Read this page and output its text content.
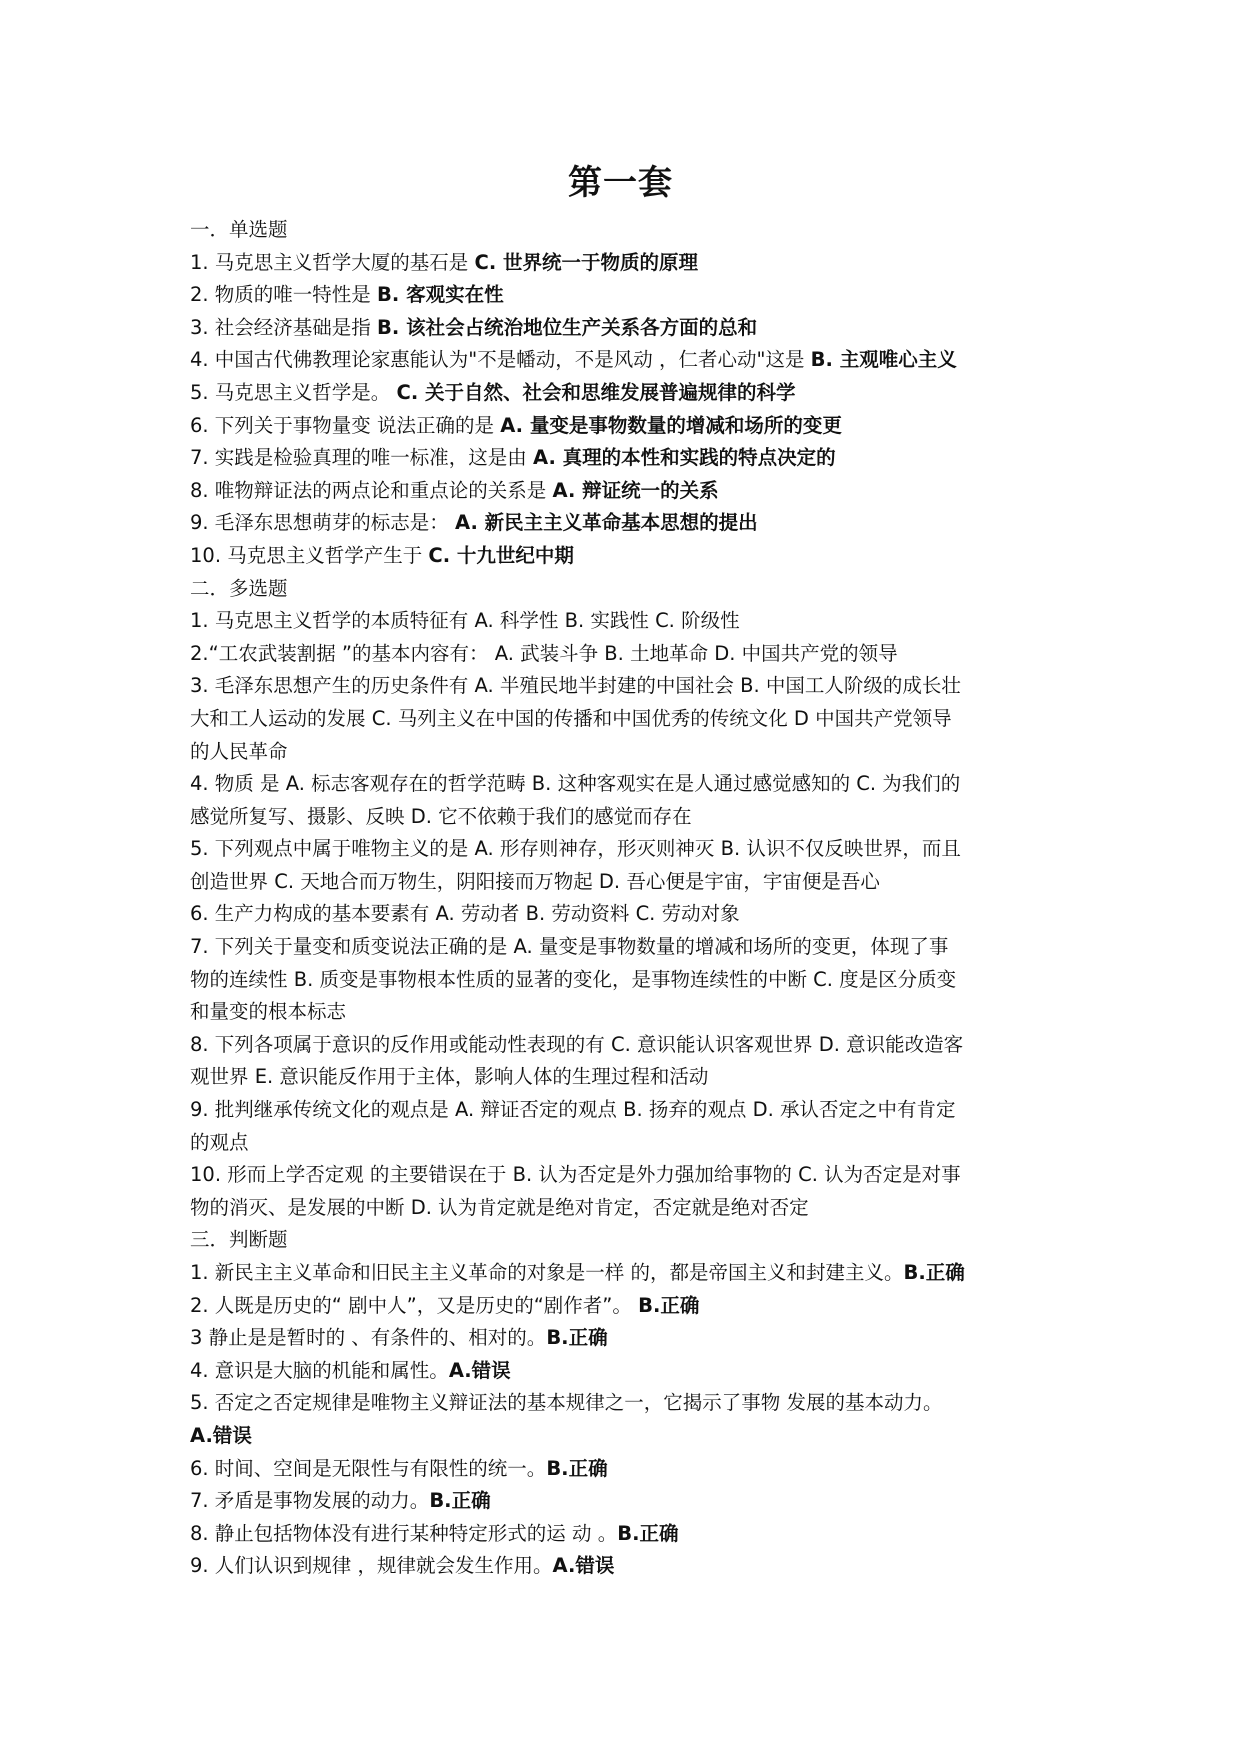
第一套
一．单选题
1. 马克思主义哲学大厦的基石是 C. 世界统一于物质的原理
2. 物质的唯一特性是 B. 客观实在性
3. 社会经济基础是指 B. 该社会占统治地位生产关系各方面的总和
4. 中国古代佛教理论家惠能认为"不是幡动，不是风动 ，仁者心动"这是 B. 主观唯心主义
5. 马克思主义哲学是。 C. 关于自然、社会和思维发展普遍规律的科学
6. 下列关于事物量变 说法正确的是 A. 量变是事物数量的增减和场所的变更
7. 实践是检验真理的唯一标准，这是由 A. 真理的本性和实践的特点决定的
8. 唯物辩证法的两点论和重点论的关系是 A. 辩证统一的关系
9. 毛泽东思想萌芽的标志是： A. 新民主主义革命基本思想的提出
10. 马克思主义哲学产生于 C. 十九世纪中期
二．多选题
1. 马克思主义哲学的本质特征有 A. 科学性 B. 实践性 C. 阶级性
2.“工农武装割据 ”的基本内容有： A. 武装斗争 B. 土地革命 D. 中国共产党的领导
3. 毛泽东思想产生的历史条件有 A. 半殖民地半封建的中国社会 B. 中国工人阶级的成长壮
大和工人运动的发展 C. 马列主义在中国的传播和中国优秀的传统文化 D 中国共产党领导
的人民革命
4. 物质 是 A. 标志客观存在的哲学范畴 B. 这种客观实在是人通过感觉感知的 C. 为我们的
感觉所复写、摄影、反映 D. 它不依赖于我们的感觉而存在
5. 下列观点中属于唯物主义的是 A. 形存则神存，形灭则神灭 B. 认识不仅反映世界，而且
创造世界 C. 天地合而万物生，阴阳接而万物起 D. 吾心便是宇宙，宇宙便是吾心
6. 生产力构成的基本要素有 A. 劳动者 B. 劳动资料 C. 劳动对象
7. 下列关于量变和质变说法正确的是 A. 量变是事物数量的增减和场所的变更，体现了事
物的连续性 B. 质变是事物根本性质的显著的变化，是事物连续性的中断 C. 度是区分质变
和量变的根本标志
8. 下列各项属于意识的反作用或能动性表现的有 C. 意识能认识客观世界 D. 意识能改造客
观世界 E. 意识能反作用于主体，影响人体的生理过程和活动
9. 批判继承传统文化的观点是 A. 辩证否定的观点 B. 扬弃的观点 D. 承认否定之中有肯定
的观点
10. 形而上学否定观 的主要错误在于 B. 认为否定是外力强加给事物的 C. 认为否定是对事
物的消灭、是发展的中断 D. 认为肯定就是绝对肯定，否定就是绝对否定
三．判断题
1. 新民主主义革命和旧民主主义革命的对象是一样 的，都是帝国主义和封建主义。B.正确
2. 人既是历史的“ 剧中人”，又是历史的“剧作者”。 B.正确
3 静止是是暂时的 、有条件的、相对的。B.正确
4. 意识是大脑的机能和属性。A.错误
5. 否定之否定规律是唯物主义辩证法的基本规律之一，它揭示了事物 发展的基本动力。
A.错误
6. 时间、空间是无限性与有限性的统一。B.正确
7. 矛盾是事物发展的动力。B.正确
8. 静止包括物体没有进行某种特定形式的运 动 。B.正确
9. 人们认识到规律 ，规律就会发生作用。A.错误
